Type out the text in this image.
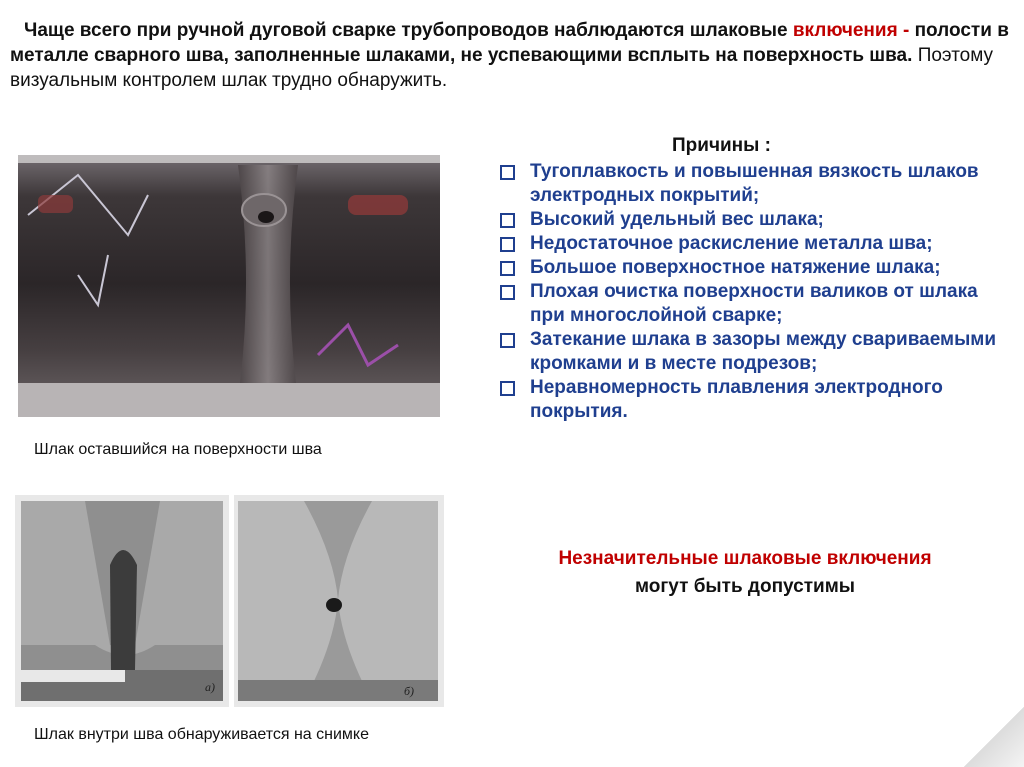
Чаще всего при ручной дуговой сварке трубопроводов наблюдаются шлаковые включения - полости в металле сварного шва, заполненные шлаками, не успевающими всплыть на поверхность шва. Поэтому визуальным контролем шлак трудно обнаружить.
Шлак оставшийся на поверхности шва
а)	б)
Шлак внутри шва обнаруживается на снимке
Причины :
Тугоплавкость и повышенная вязкость шлаков электродных покрытий;
Высокий удельный вес шлака;
Недостаточное раскисление металла шва;
Большое поверхностное натяжение шлака;
Плохая очистка поверхности валиков от шлака при многослойной сварке;
Затекание шлака в зазоры между свариваемыми кромками и в месте подрезов;
Неравномерность плавления электродного покрытия.
Незначительные шлаковые включения
могут быть допустимы
